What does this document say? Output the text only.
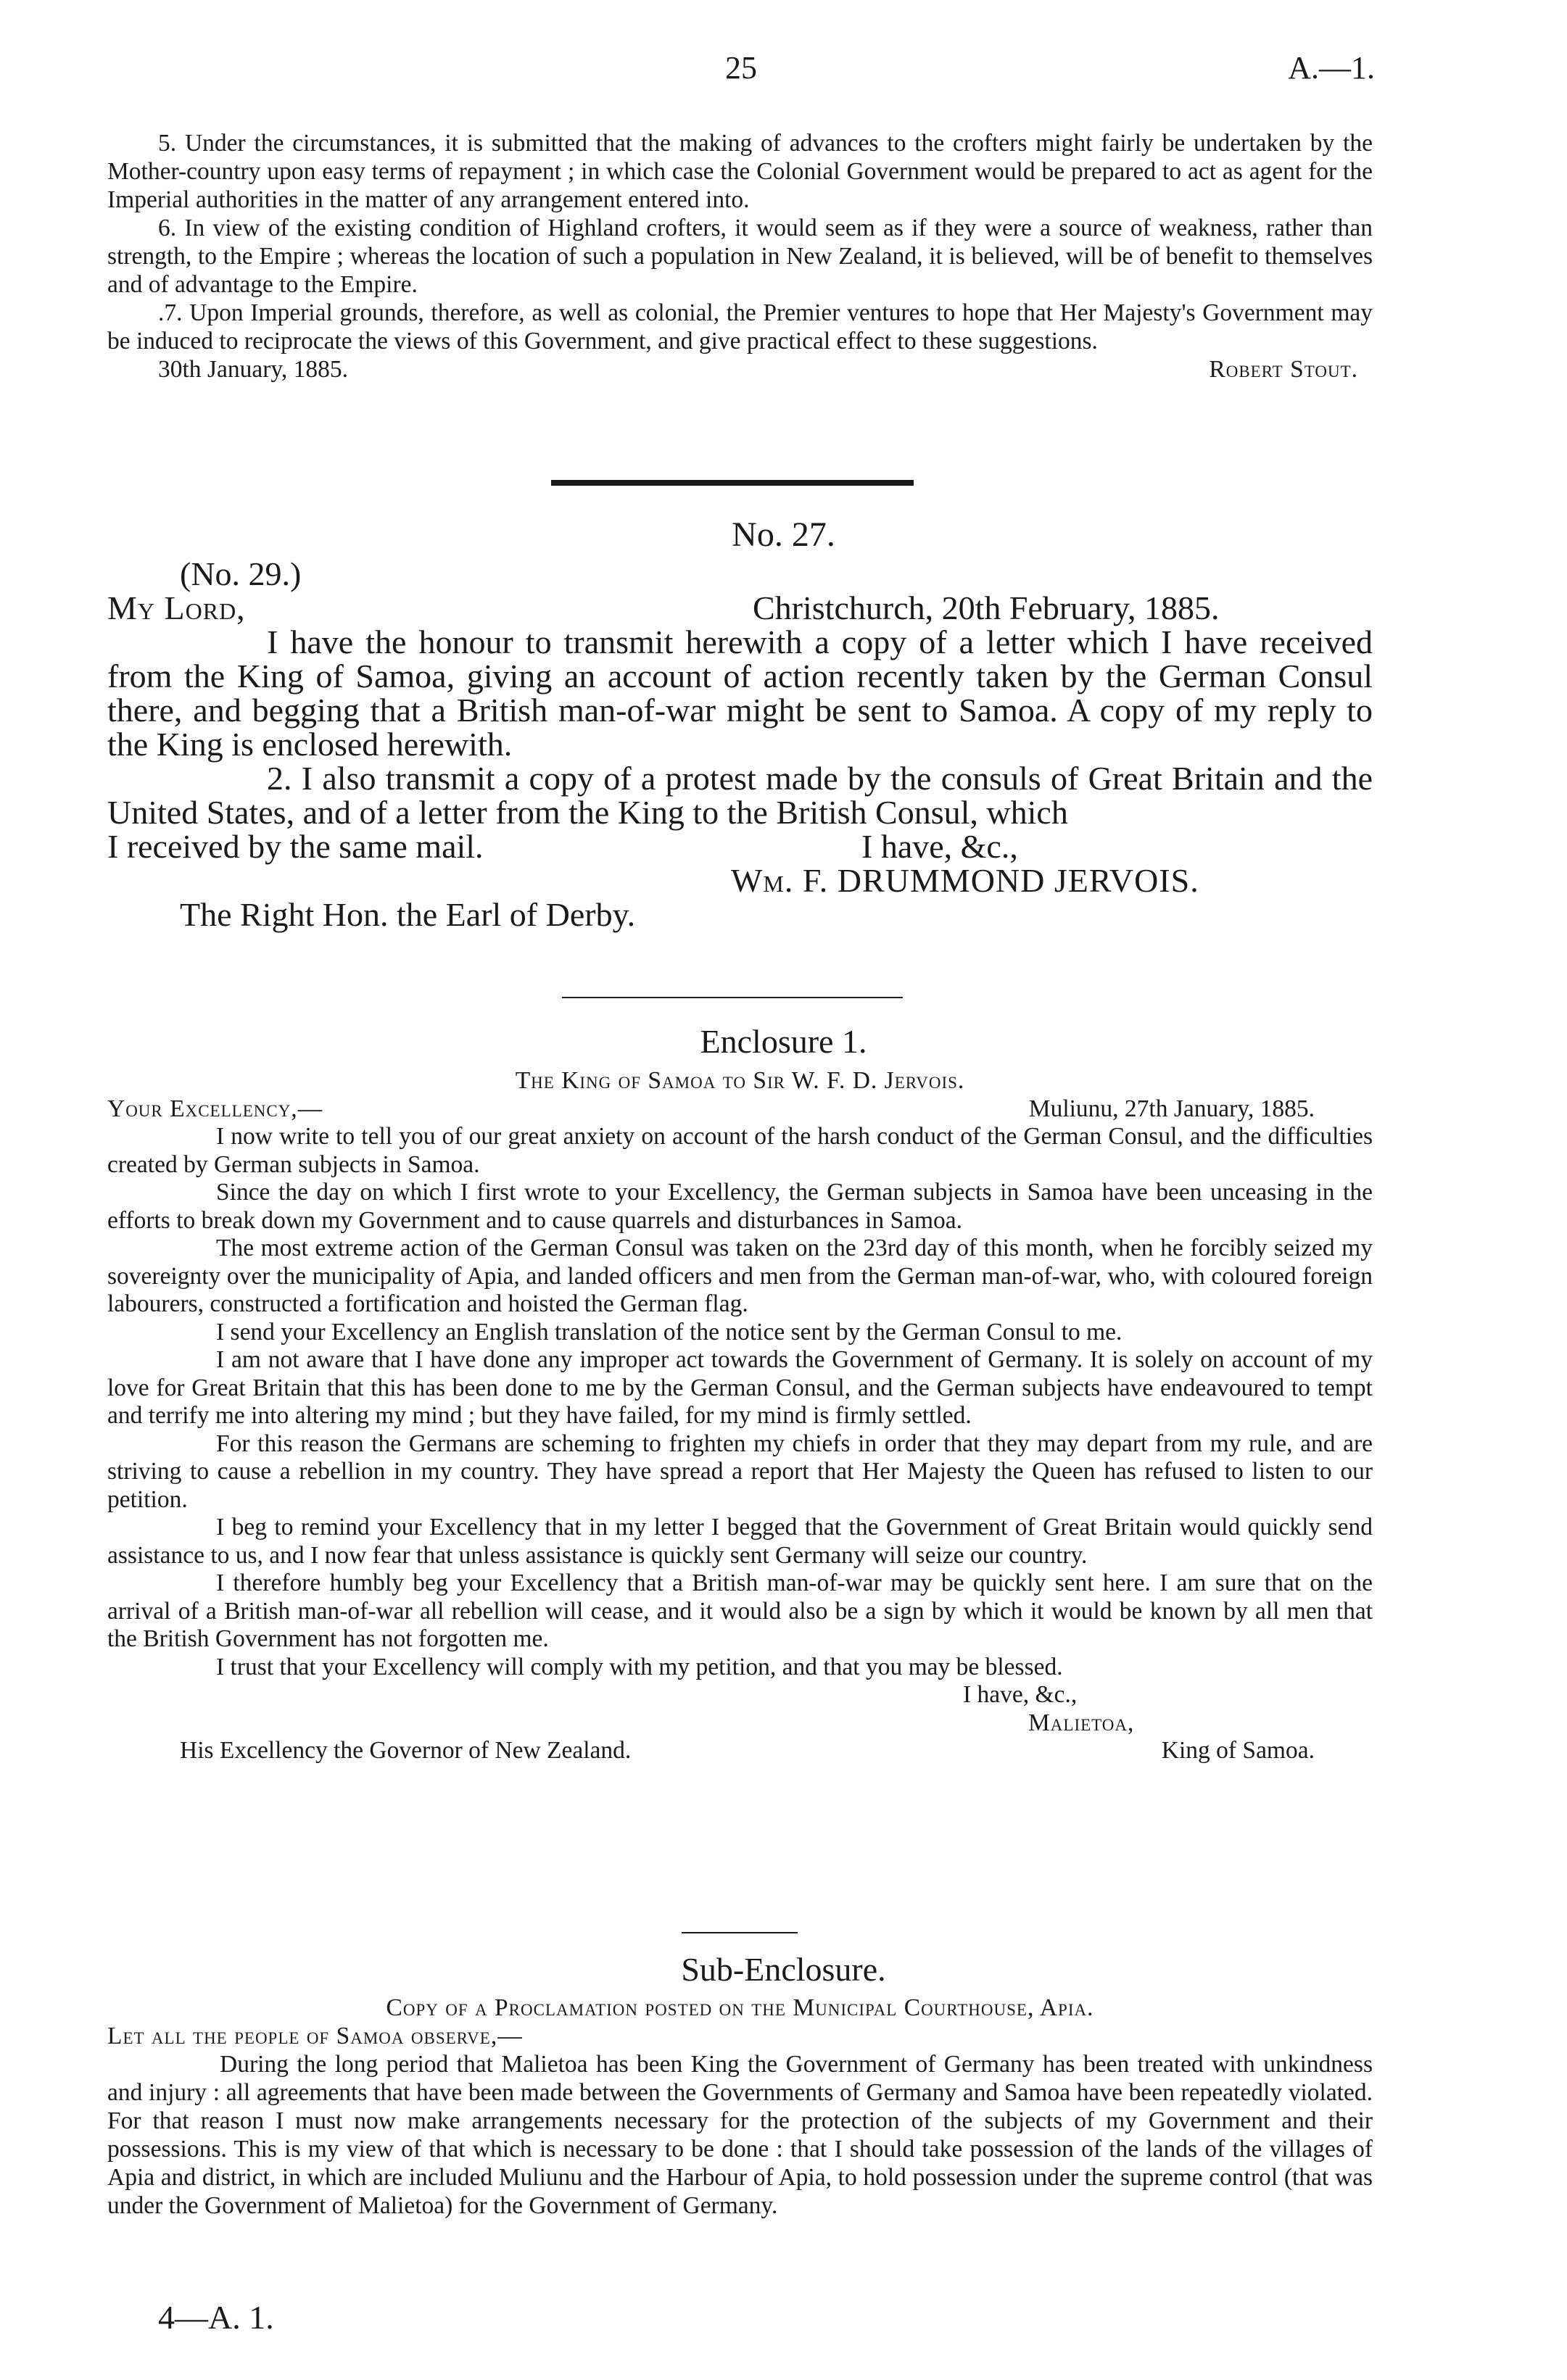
25	A.—1.

5. Under the circumstances, it is submitted that the making of advances to the crofters might fairly be undertaken by the Mother-country upon easy terms of repayment ; in which case the Colonial Government would be prepared to act as agent for the Imperial authorities in the matter of any arrangement entered into.

6. In view of the existing condition of Highland crofters, it would seem as if they were a source of weakness, rather than strength, to the Empire ; whereas the location of such a population in New Zealand, it is believed, will be of benefit to themselves and of advantage to the Empire.

.7. Upon Imperial grounds, therefore, as well as colonial, the Premier ventures to hope that Her Majesty's Government may be induced to reciprocate the views of this Government, and give practical effect to these suggestions.

30th January, 1885.	Robert Stout.
No. 27.
(No. 29.)
My Lord,	Christchurch, 20th February, 1885.

I have the honour to transmit herewith a copy of a letter which I have received from the King of Samoa, giving an account of action recently taken by the German Consul there, and begging that a British man-of-war might be sent to Samoa. A copy of my reply to the King is enclosed herewith.

2. I also transmit a copy of a protest made by the consuls of Great Britain and the United States, and of a letter from the King to the British Consul, which

I received by the same mail.	I have, &c.,
Wm. F. DRUMMOND JERVOIS.
The Right Hon. the Earl of Derby.
Enclosure 1.
The King of Samoa to Sir W. F. D. Jervois.
Your Excellency,—	Muliunu, 27th January, 1885.

I now write to tell you of our great anxiety on account of the harsh conduct of the German Consul, and the difficulties created by German subjects in Samoa.

Since the day on which I first wrote to your Excellency, the German subjects in Samoa have been unceasing in the efforts to break down my Government and to cause quarrels and disturbances in Samoa.

The most extreme action of the German Consul was taken on the 23rd day of this month, when he forcibly seized my sovereignty over the municipality of Apia, and landed officers and men from the German man-of-war, who, with coloured foreign labourers, constructed a fortification and hoisted the German flag.

I send your Excellency an English translation of the notice sent by the German Consul to me.

I am not aware that I have done any improper act towards the Government of Germany. It is solely on account of my love for Great Britain that this has been done to me by the German Consul, and the German subjects have endeavoured to tempt and terrify me into altering my mind ; but they have failed, for my mind is firmly settled.

For this reason the Germans are scheming to frighten my chiefs in order that they may depart from my rule, and are striving to cause a rebellion in my country. They have spread a report that Her Majesty the Queen has refused to listen to our petition.

I beg to remind your Excellency that in my letter I begged that the Government of Great Britain would quickly send assistance to us, and I now fear that unless assistance is quickly sent Germany will seize our country.

I therefore humbly beg your Excellency that a British man-of-war may be quickly sent here. I am sure that on the arrival of a British man-of-war all rebellion will cease, and it would also be a sign by which it would be known by all men that the British Government has not forgotten me.

I trust that your Excellency will comply with my petition, and that you may be blessed.

I have, &c.,
Malietoa,
His Excellency the Governor of New Zealand.	King of Samoa.
Sub-Enclosure.
Copy of a Proclamation posted on the Municipal Courthouse, Apia.
Let all the people of Samoa observe,—

During the long period that Malietoa has been King the Government of Germany has been treated with unkindness and injury : all agreements that have been made between the Governments of Germany and Samoa have been repeatedly violated. For that reason I must now make arrangements necessary for the protection of the subjects of my Government and their possessions. This is my view of that which is necessary to be done : that I should take possession of the lands of the villages of Apia and district, in which are included Muliunu and the Harbour of Apia, to hold possession under the supreme control (that was under the Government of Malietoa) for the Government of Germany.

4—A. 1.
